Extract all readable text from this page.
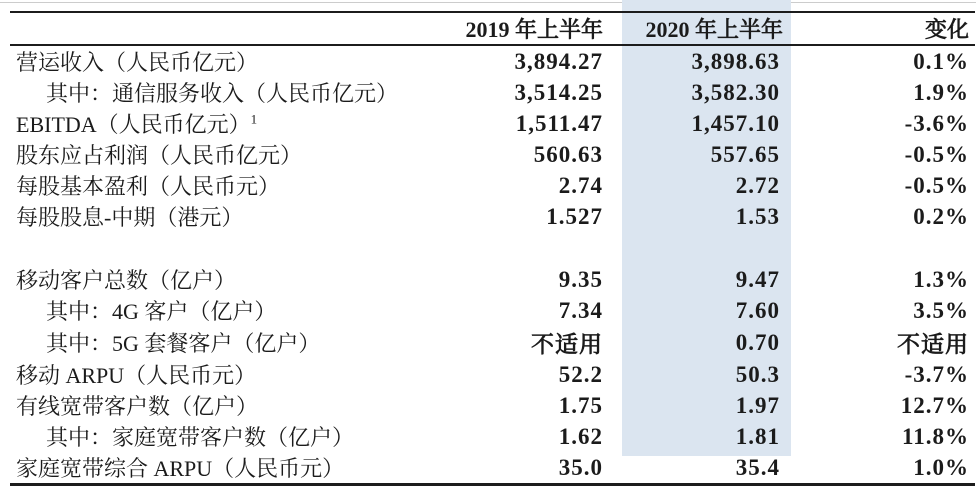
	2019 年上半年	2020 年上半年	变化
营运收入（人民币亿元）	3,894.27	3,898.63	0.1%
其中：通信服务收入（人民币亿元）	3,514.25	3,582.30	1.9%
EBITDA（人民币亿元）$^1$	1,511.47	1,457.10	-3.6%
股东应占利润（人民币亿元）	560.63	557.65	-0.5%
每股基本盈利（人民币元）	2.74	2.72	-0.5%
每股股息-中期（港元）	1.527	1.53	0.2%

移动客户总数（亿户）	9.35	9.47	1.3%
其中：4G 客户（亿户）	7.34	7.60	3.5%
其中：5G 套餐客户（亿户）	不适用	0.70	不适用
移动 ARPU（人民币元）	52.2	50.3	-3.7%
有线宽带客户数（亿户）	1.75	1.97	12.7%
其中：家庭宽带客户数（亿户）	1.62	1.81	11.8%
家庭宽带综合 ARPU（人民币元）	35.0	35.4	1.0%
